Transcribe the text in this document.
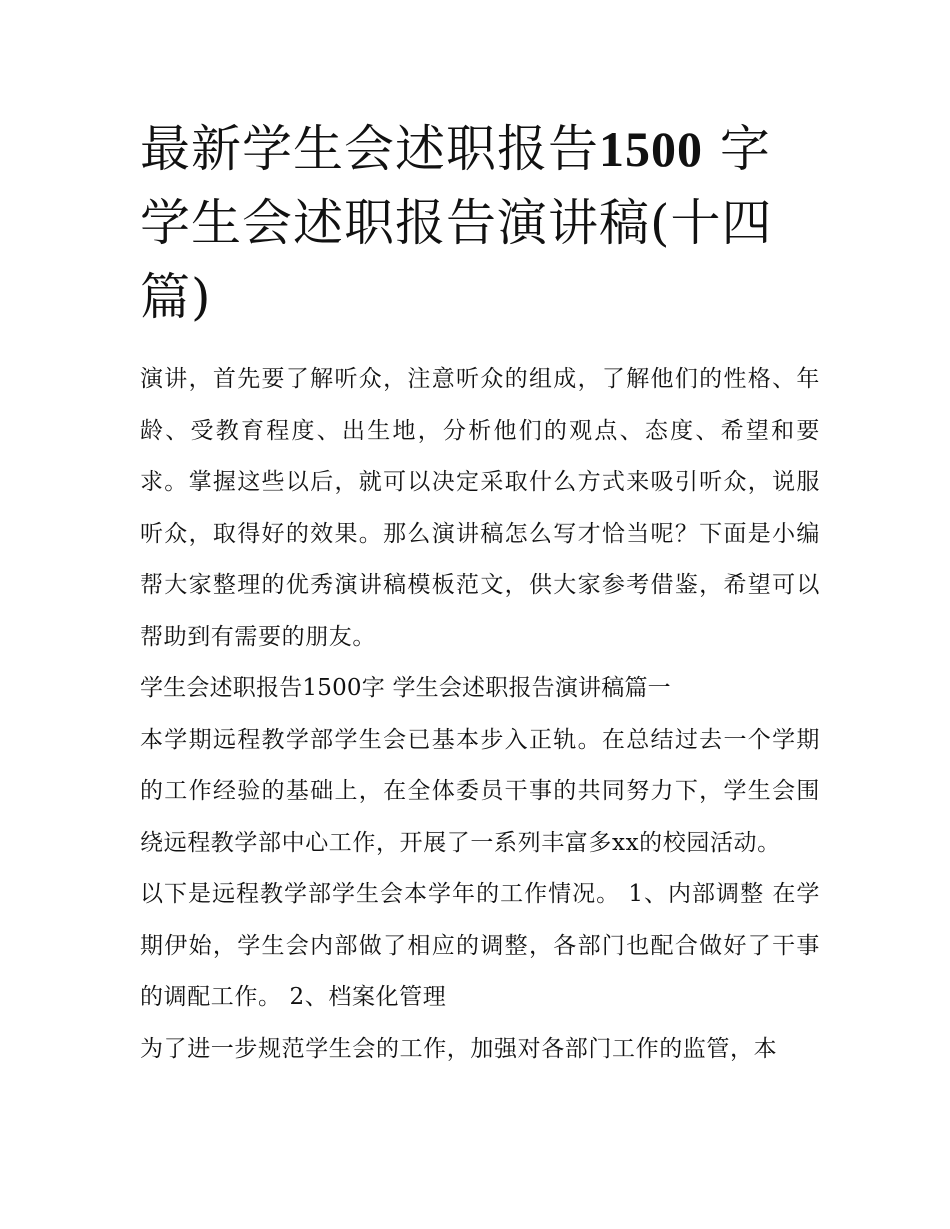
最新学生会述职报告1500 字
学生会述职报告演讲稿(十四
篇)

演讲，首先要了解听众，注意听众的组成，了解他们的性格、年龄、受教育程度、出生地，分析他们的观点、态度、希望和要求。掌握这些以后，就可以决定采取什么方式来吸引听众，说服听众，取得好的效果。那么演讲稿怎么写才恰当呢？下面是小编帮大家整理的优秀演讲稿模板范文，供大家参考借鉴，希望可以帮助到有需要的朋友。

学生会述职报告1500字 学生会述职报告演讲稿篇一

本学期远程教学部学生会已基本步入正轨。在总结过去一个学期的工作经验的基础上，在全体委员干事的共同努力下，学生会围绕远程教学部中心工作，开展了一系列丰富多xx的校园活动。

以下是远程教学部学生会本学年的工作情况。 1、内部调整 在学期伊始，学生会内部做了相应的调整，各部门也配合做好了干事的调配工作。 2、档案化管理

为了进一步规范学生会的工作，加强对各部门工作的监管，本
